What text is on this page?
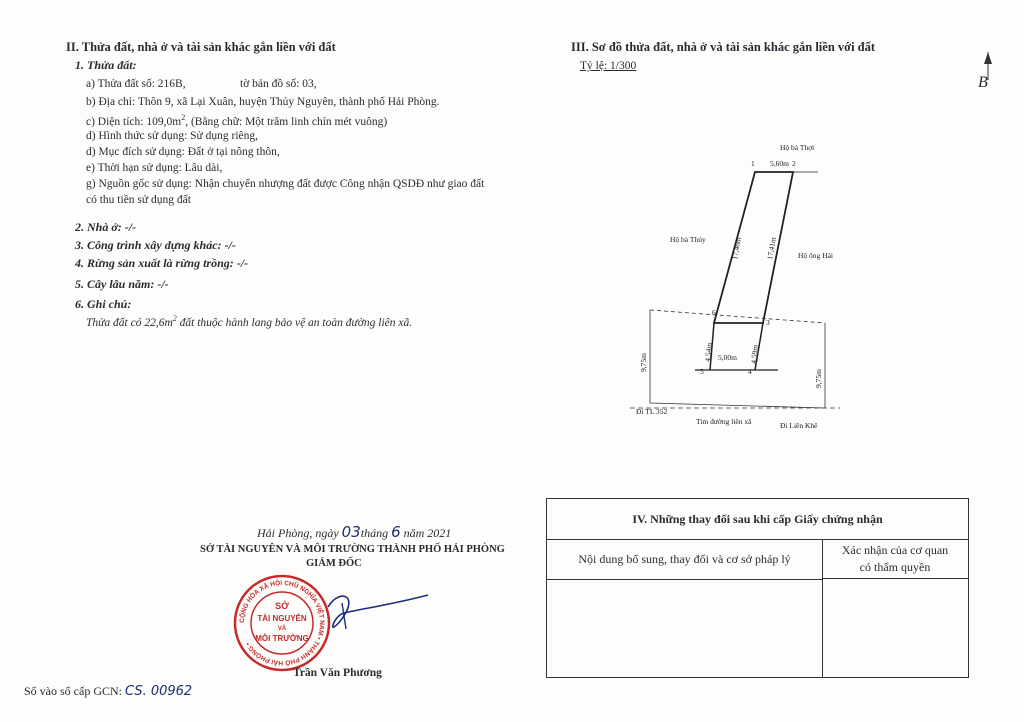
II. Thửa đất, nhà ở và tài sản khác gắn liền với đất
1. Thửa đất:
a) Thửa đất số: 216B,	tờ bản đồ số: 03,
b) Địa chỉ: Thôn 9, xã Lại Xuân, huyện Thủy Nguyên, thành phố Hải Phòng.
c) Diện tích: $109,0m^2$, (Bằng chữ: Một trăm linh chín mét vuông)
d) Hình thức sử dụng: Sử dụng riêng,
d) Mục đích sử dụng: Đất ở tại nông thôn,
e) Thời hạn sử dụng: Lâu dài,
g) Nguồn gốc sử dụng: Nhận chuyển nhượng đất được Công nhận QSDĐ như giao đất
có thu tiền sử dụng đất
2. Nhà ở: -/-
3. Công trình xây dựng khác: -/-
4. Rừng sản xuất là rừng trồng: -/-
5. Cây lâu năm: -/-
6. Ghi chú:
Thửa đất có $22,6m^2$ đất thuộc hành lang bảo vệ an toàn đường liên xã.
III. Sơ đồ thửa đất, nhà ở và tài sản khác gắn liền với đất
Tỷ lệ: 1/300
B
1	2
3
4
5
6
5,60m
Hộ bà Thợi
Hộ bà Thủy
Hộ ông Hải
17,46m	17,41m
4,54m	4,59m
5,00m
9,75m
9,75m
Đi TL 352
Tim đường liên xã	Đi Liên Khê
Hải Phòng, ngày 03tháng 6 năm 2021
SỞ TÀI NGUYÊN VÀ MÔI TRƯỜNG THÀNH PHỐ HẢI PHÒNG
GIÁM ĐỐC
CỘNG HÒA XÃ HỘI CHỦ NGHĨA VIỆT NAM • THÀNH PHỐ HẢI PHÒNG •
SỞ
TÀI NGUYÊN
VÀ
MÔI TRƯỜNG
Trần Văn Phương
Số vào sổ cấp GCN: CS. 00962
IV. Những thay đổi sau khi cấp Giấy chứng nhận
Nội dung bổ sung, thay đổi và cơ sở pháp lý
Xác nhận của cơ quan
có thẩm quyền
